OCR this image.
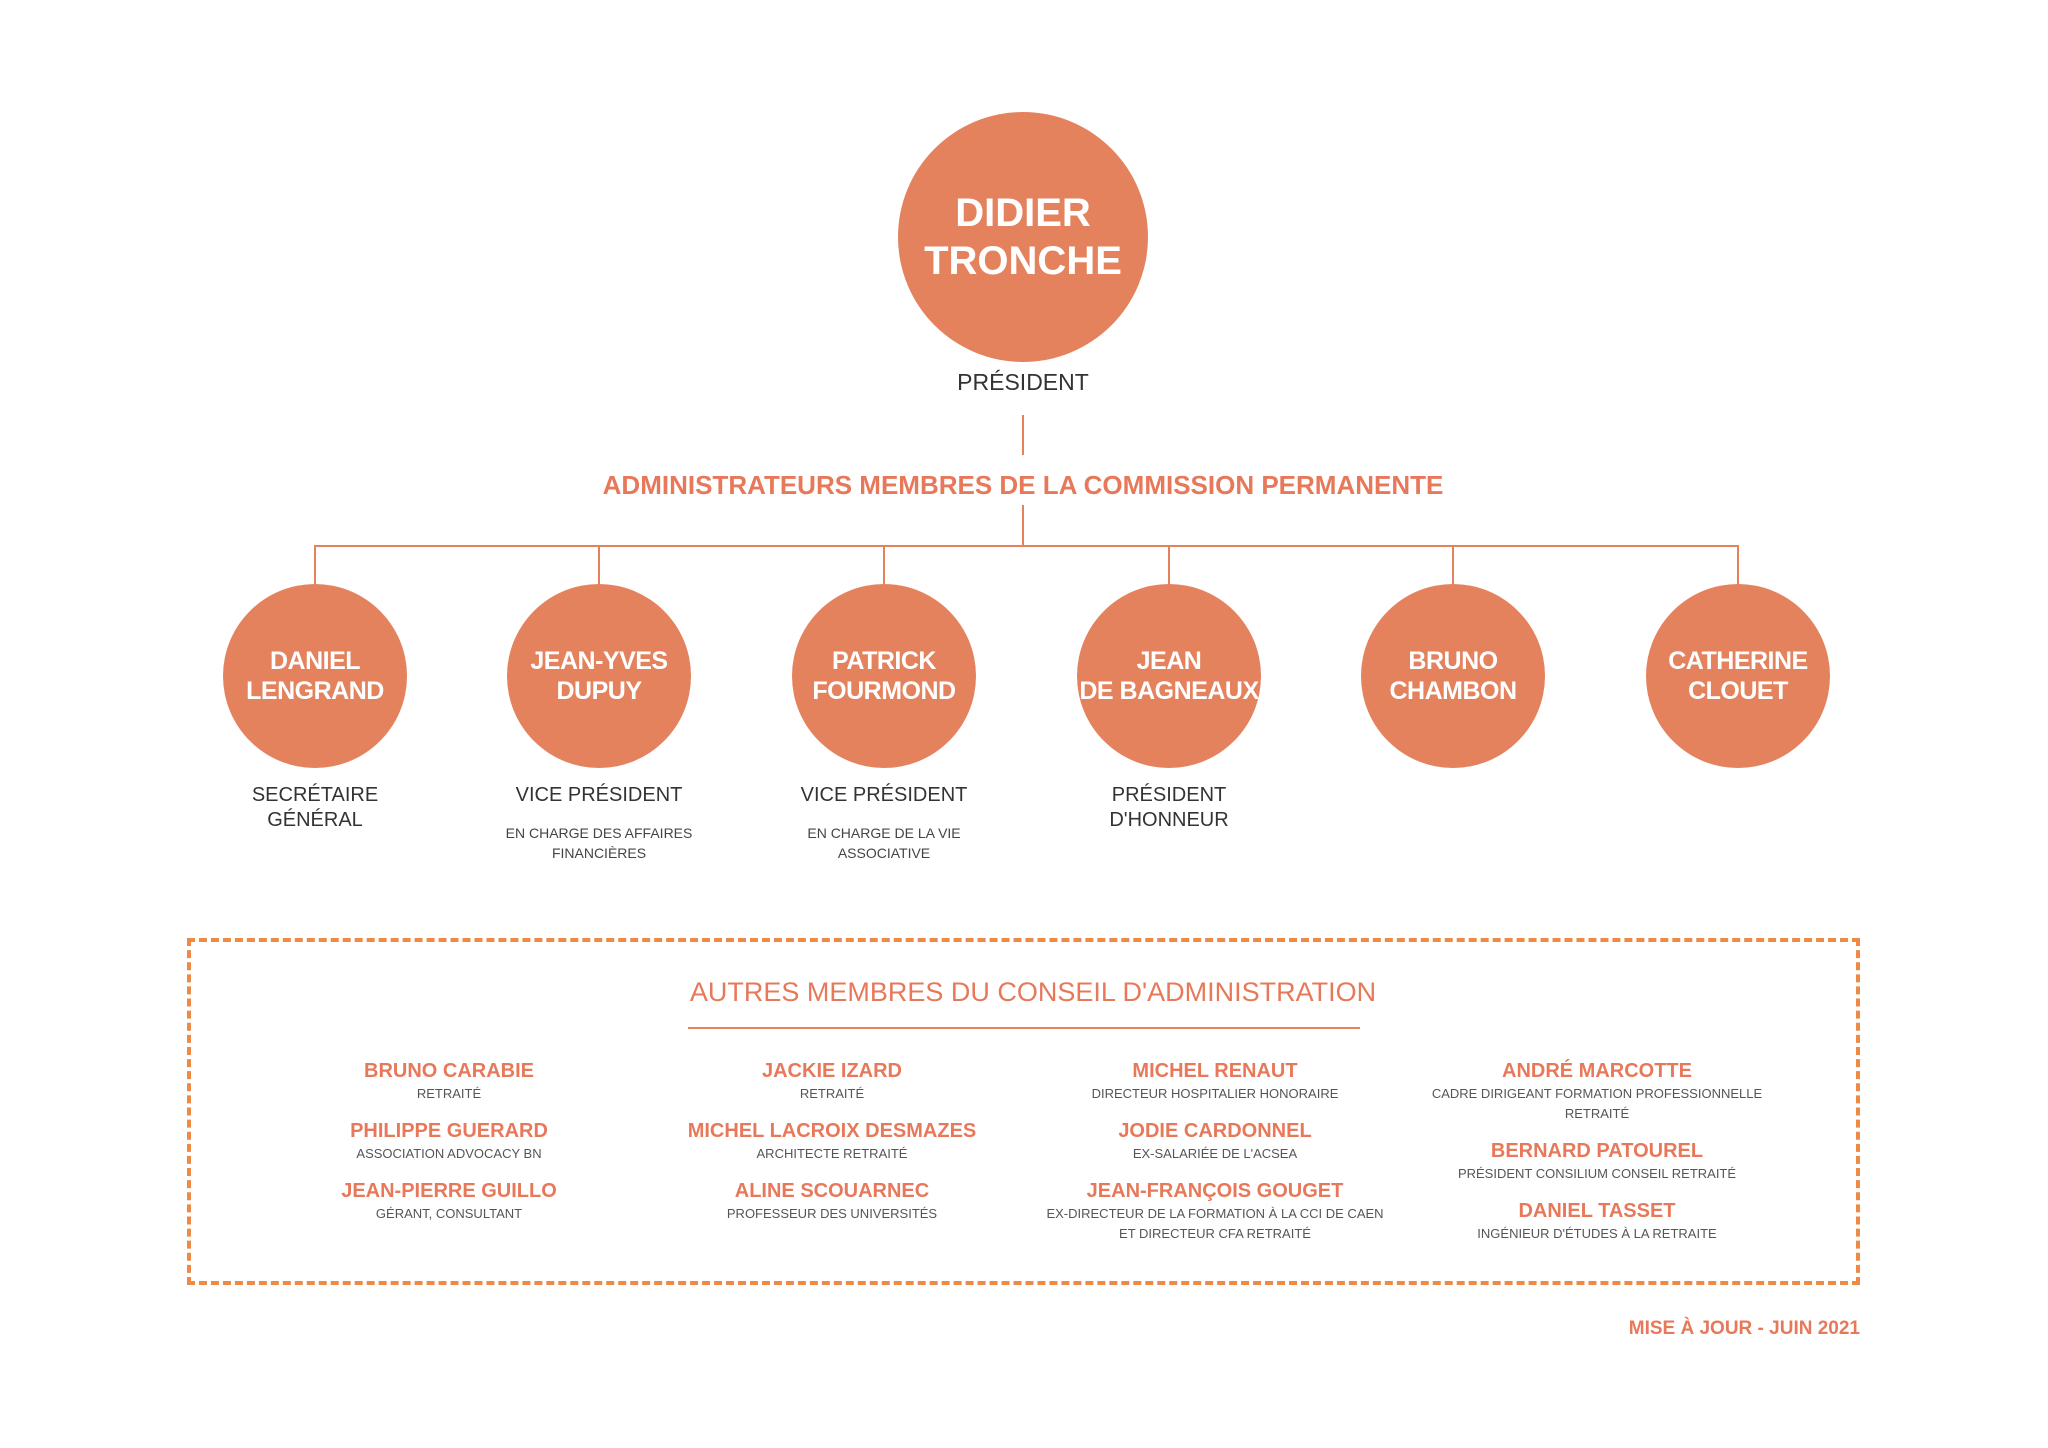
DIDIER
TRONCHE
PRÉSIDENT
ADMINISTRATEURS MEMBRES DE LA COMMISSION PERMANENTE
DANIEL
LENGRAND
SECRÉTAIRE
GÉNÉRAL
JEAN-YVES
DUPUY
VICE PRÉSIDENT
EN CHARGE DES AFFAIRES
FINANCIÈRES
PATRICK
FOURMOND
VICE PRÉSIDENT
EN CHARGE DE LA VIE
ASSOCIATIVE
JEAN
DE BAGNEAUX
PRÉSIDENT
D'HONNEUR
BRUNO
CHAMBON
CATHERINE
CLOUET
AUTRES MEMBRES DU CONSEIL D'ADMINISTRATION
BRUNO CARABIE
RETRAITÉ
PHILIPPE GUERARD
ASSOCIATION ADVOCACY BN
JEAN-PIERRE GUILLO
GÉRANT, CONSULTANT
JACKIE IZARD
RETRAITÉ
MICHEL LACROIX DESMAZES
ARCHITECTE RETRAITÉ
ALINE SCOUARNEC
PROFESSEUR DES UNIVERSITÉS
MICHEL RENAUT
DIRECTEUR HOSPITALIER HONORAIRE
JODIE CARDONNEL
EX-SALARIÉE DE L'ACSEA
JEAN-FRANÇOIS GOUGET
EX-DIRECTEUR DE LA FORMATION À LA CCI DE CAEN
ET DIRECTEUR CFA RETRAITÉ
ANDRÉ MARCOTTE
CADRE DIRIGEANT FORMATION PROFESSIONNELLE
RETRAITÉ
BERNARD PATOUREL
PRÉSIDENT CONSILIUM CONSEIL RETRAITÉ
DANIEL TASSET
INGÉNIEUR D'ÉTUDES À LA RETRAITE
MISE À JOUR - JUIN 2021
